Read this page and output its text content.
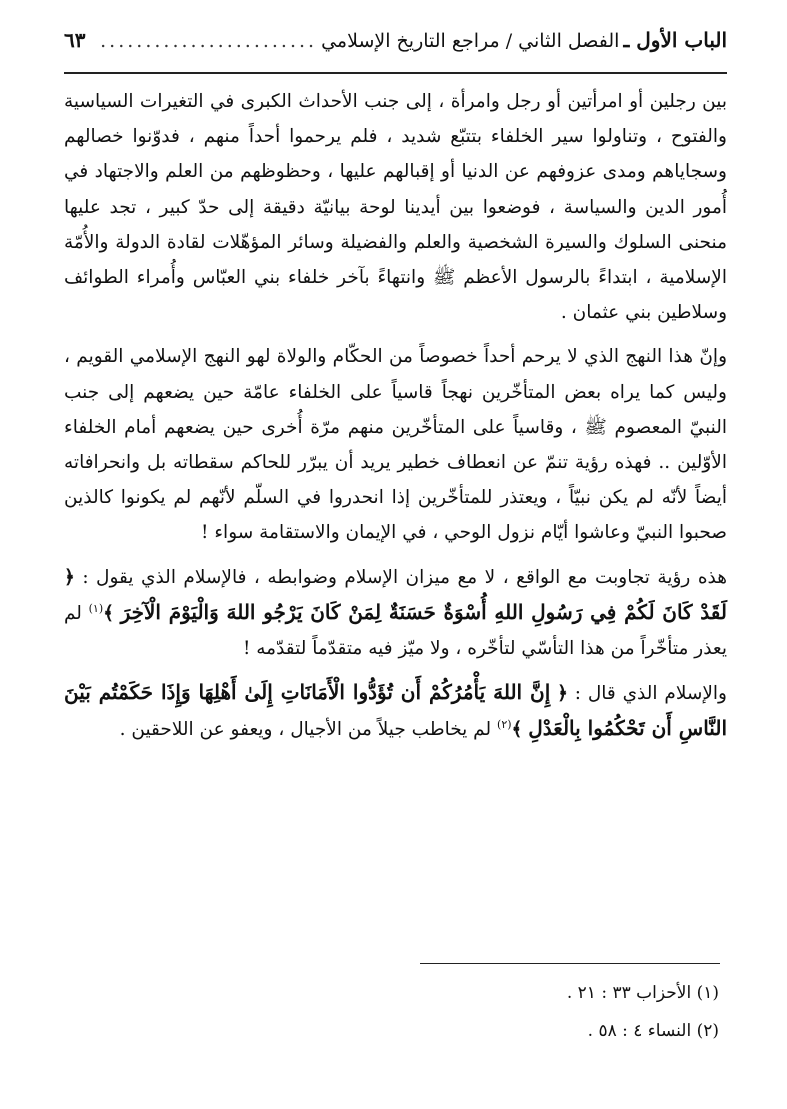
الباب الأول ـ
الفصل الثاني / مراجع التاريخ الإسلامي
........................
٦٣

بين رجلين أو امرأتين أو رجل وامرأة ، إلى جنب الأحداث الكبرى في التغيرات السياسية والفتوح ، وتناولوا سير الخلفاء بتتبّع شديد ، فلم يرحموا أحداً منهم ، فدوّنوا خصالهم وسجاياهم ومدى عزوفهم عن الدنيا أو إقبالهم عليها ، وحظوظهم من العلم والاجتهاد في أُمور الدين والسياسة ، فوضعوا بين أيدينا لوحة بيانيّة دقيقة إلى حدّ كبير ، تجد عليها منحنى السلوك والسيرة الشخصية والعلم والفضيلة وسائر المؤهّلات لقادة الدولة والأُمّة الإسلامية ، ابتداءً بالرسول الأعظم ﷺ وانتهاءً بآخر خلفاء بني العبّاس وأُمراء الطوائف وسلاطين بني عثمان .

وإنّ هذا النهج الذي لا يرحم أحداً خصوصاً من الحكّام والولاة لهو النهج الإسلامي القويم ، وليس كما يراه بعض المتأخّرين نهجاً قاسياً على الخلفاء عامّة حين يضعهم إلى جنب النبيّ المعصوم ﷺ ، وقاسياً على المتأخّرين منهم مرّة أُخرى حين يضعهم أمام الخلفاء الأوّلين .. فهذه رؤية تنمّ عن انعطاف خطير يريد أن يبرّر للحاكم سقطاته بل وانحرافاته أيضاً لأنّه لم يكن نبيّاً ، ويعتذر للمتأخّرين إذا انحدروا في السلّم لأنّهم لم يكونوا كالذين صحبوا النبيّ وعاشوا أيّام نزول الوحي ، في الإيمان والاستقامة سواء !

هذه رؤية تجاوبت مع الواقع ، لا مع ميزان الإسلام وضوابطه ، فالإسلام الذي يقول : ﴿ لَقَدْ كَانَ لَكُمْ فِي رَسُولِ اللهِ أُسْوَةٌ حَسَنَةٌ لِمَنْ كَانَ يَرْجُو اللهَ وَالْيَوْمَ الْآخِرَ ﴾$^{(١)}$ لم يعذر متأخّراً من هذا التأسّي لتأخّره ، ولا ميّز فيه متقدّماً لتقدّمه !

والإسلام الذي قال : ﴿ إِنَّ اللهَ يَأْمُرُكُمْ أَن تُؤَدُّوا الْأَمَانَاتِ إِلَىٰ أَهْلِهَا وَإِذَا حَكَمْتُم بَيْنَ النَّاسِ أَن تَحْكُمُوا بِالْعَدْلِ ﴾$^{(٢)}$ لم يخاطب جيلاً من الأجيال ، ويعفو عن اللاحقين .

(١) الأحزاب ٣٣ : ٢١ .

(٢) النساء ٤ : ٥٨ .
